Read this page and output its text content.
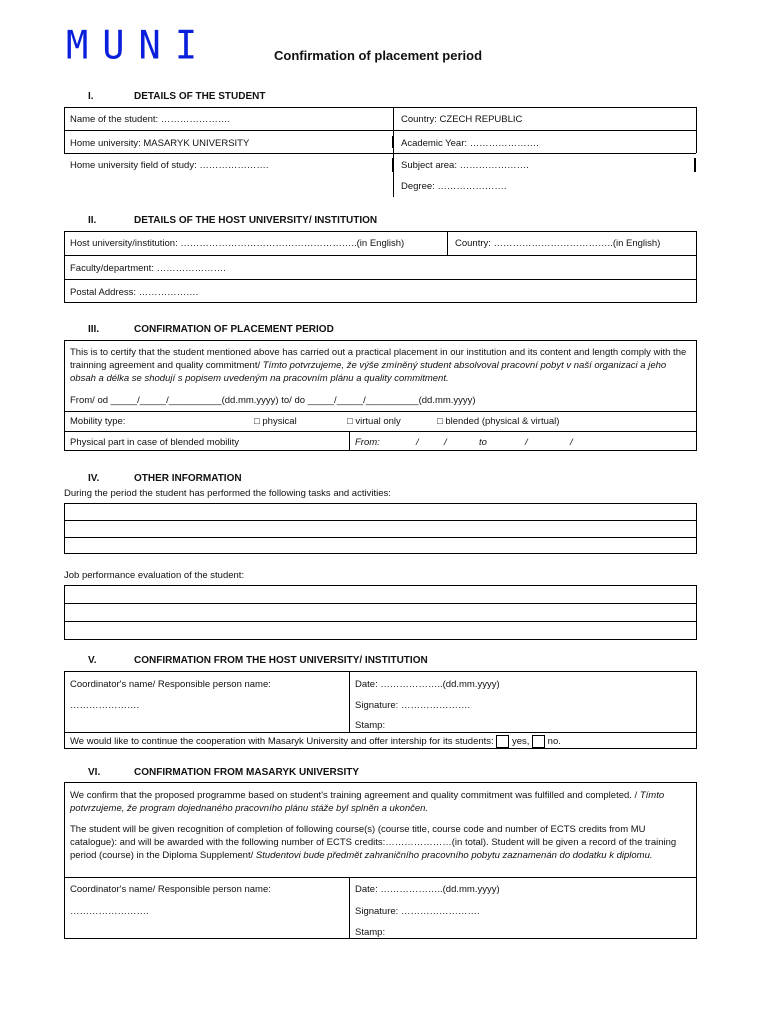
MUNI	Confirmation of placement period
I.	DETAILS OF THE STUDENT
Name of the student: ………………….	Country: CZECH REPUBLIC
Home university: MASARYK UNIVERSITY	Academic Year: ………………….
Home university field of study: ………………….	Subject area: ………………….
Degree: ………………….
II.	DETAILS OF THE HOST UNIVERSITY/ INSTITUTION
Host university/institution: ………………………………………………..(in English)	Country: ………………………………..(in English)
Faculty/department: ………………….
Postal Address: ……………….
III.	CONFIRMATION OF PLACEMENT PERIOD
This is to certify that the student mentioned above has carried out a practical placement in our institution and its content and length comply with the trainning agreement and quality commitment/ Tímto potvrzujeme, že výše zmíněný student absolvoval pracovní pobyt v naší organizaci a jeho obsah a délka se shodují s popisem uvedeným na pracovním plánu a quality commitment.
From/ od _____/_____/__________(dd.mm.yyyy) to/ do _____/_____/__________(dd.mm.yyyy)
Mobility type:	□ physical	□ virtual only	□ blended (physical & virtual)
Physical part in case of blended mobility	From:	/	/	to	/	/
IV.	OTHER INFORMATION
During the period the student has performed the following tasks and activities:
Job performance evaluation of the student:
V.	CONFIRMATION FROM THE HOST UNIVERSITY/ INSTITUTION
Coordinator's name/ Responsible person name:
………………….
Date: ………………..(dd.mm.yyyy)
Signature: ………………….
Stamp:
We would like to continue the cooperation with Masaryk University and offer intership for its students: yes, no.
VI.	CONFIRMATION FROM MASARYK UNIVERSITY
We confirm that the proposed programme based on student's training agreement and quality commitment was fulfilled and completed. / Tímto potvrzujeme, že program dojednaného pracovního plánu stáže byl splněn a ukončen.
The student will be given recognition of completion of following course(s) (course title, course code and number of ECTS credits from MU catalogue): and will be awarded with the following number of ECTS credits:…………………(in total). Student will be given a record of the training period (course) in the Diploma Supplement/ Studentovi bude předmět zahraničního pracovního pobytu zaznamenán do dodatku k diplomu.
Coordinator's name/ Responsible person name:
…………………….
Date: ………………..(dd.mm.yyyy)
Signature: …………………….
Stamp:
